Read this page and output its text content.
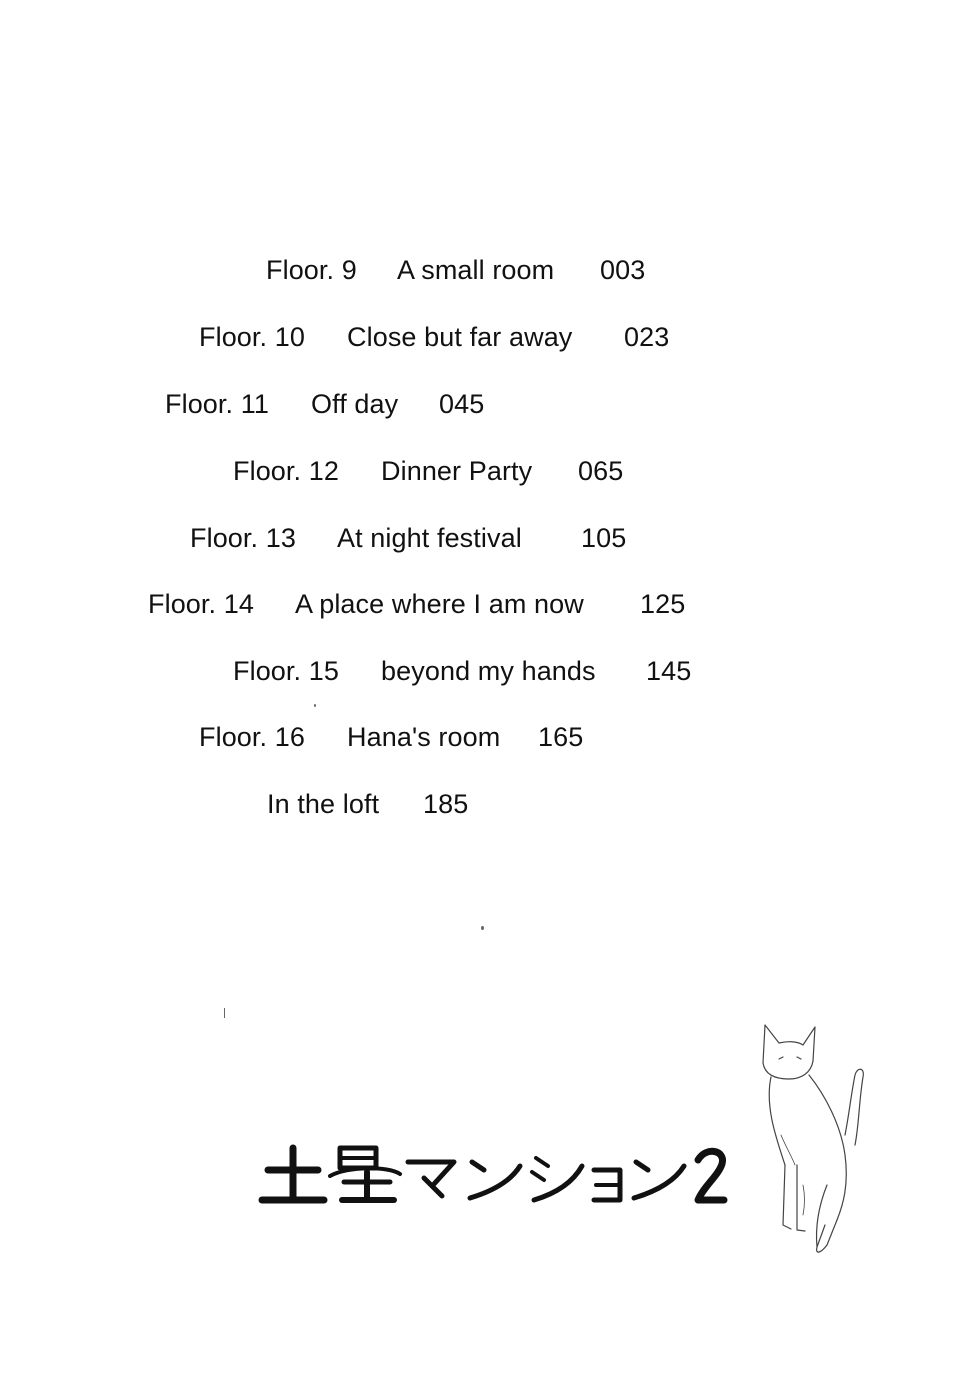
Floor. 9

A small room

003

Floor. 10

Close but far away

023

Floor. 11

Off day

045

Floor. 12

Dinner Party

065

Floor. 13

At night festival

105

Floor. 14

A place where I am now

125

Floor. 15

beyond my hands

145

Floor. 16

Hana's room

165

In the loft

185
